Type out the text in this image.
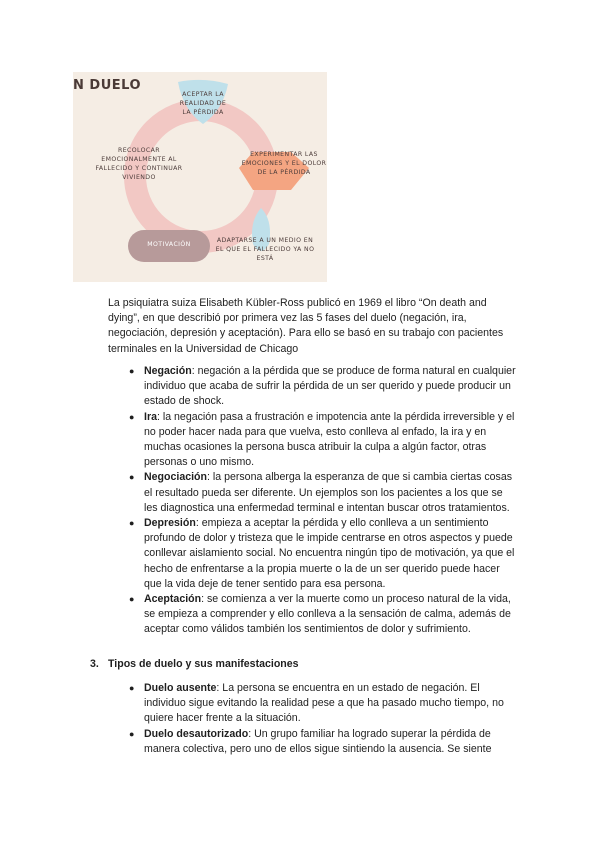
N DUELO
ACEPTAR LA REALIDAD DE LA PÉRDIDA
EXPERIMENTAR LAS EMOCIONES Y EL DOLOR DE LA PÉRDIDA
ADAPTARSE A UN MEDIO EN EL QUE EL FALLECIDO YA NO ESTÁ
MOTIVACIÓN
RECOLOCAR EMOCIONALMENTE AL FALLECIDO Y CONTINUAR VIVIENDO

La psiquiatra suiza Elisabeth Kübler-Ross publicó en 1969 el libro “On death and dying”, en que describió por primera vez las 5 fases del duelo (negación, ira, negociación, depresión y aceptación). Para ello se basó en su trabajo con pacientes terminales en la Universidad de Chicago

● Negación: negación a la pérdida que se produce de forma natural en cualquier individuo que acaba de sufrir la pérdida de un ser querido y puede producir un estado de shock.
● Ira: la negación pasa a frustración e impotencia ante la pérdida irreversible y el no poder hacer nada para que vuelva, esto conlleva al enfado, la ira y en muchas ocasiones la persona busca atribuir la culpa a algún factor, otras personas o uno mismo.
● Negociación: la persona alberga la esperanza de que si cambia ciertas cosas el resultado pueda ser diferente. Un ejemplos son los pacientes a los que se les diagnostica una enfermedad terminal e intentan buscar otros tratamientos.
● Depresión: empieza a aceptar la pérdida y ello conlleva a un sentimiento profundo de dolor y tristeza que le impide centrarse en otros aspectos y puede conllevar aislamiento social. No encuentra ningún tipo de motivación, ya que el hecho de enfrentarse a la propia muerte o la de un ser querido puede hacer que la vida deje de tener sentido para esa persona.
● Aceptación: se comienza a ver la muerte como un proceso natural de la vida, se empieza a comprender y ello conlleva a la sensación de calma, además de aceptar como válidos también los sentimientos de dolor y sufrimiento.
3. Tipos de duelo y sus manifestaciones
● Duelo ausente: La persona se encuentra en un estado de negación. El individuo sigue evitando la realidad pese a que ha pasado mucho tiempo, no quiere hacer frente a la situación.
● Duelo desautorizado: Un grupo familiar ha logrado superar la pérdida de manera colectiva, pero uno de ellos sigue sintiendo la ausencia. Se siente
